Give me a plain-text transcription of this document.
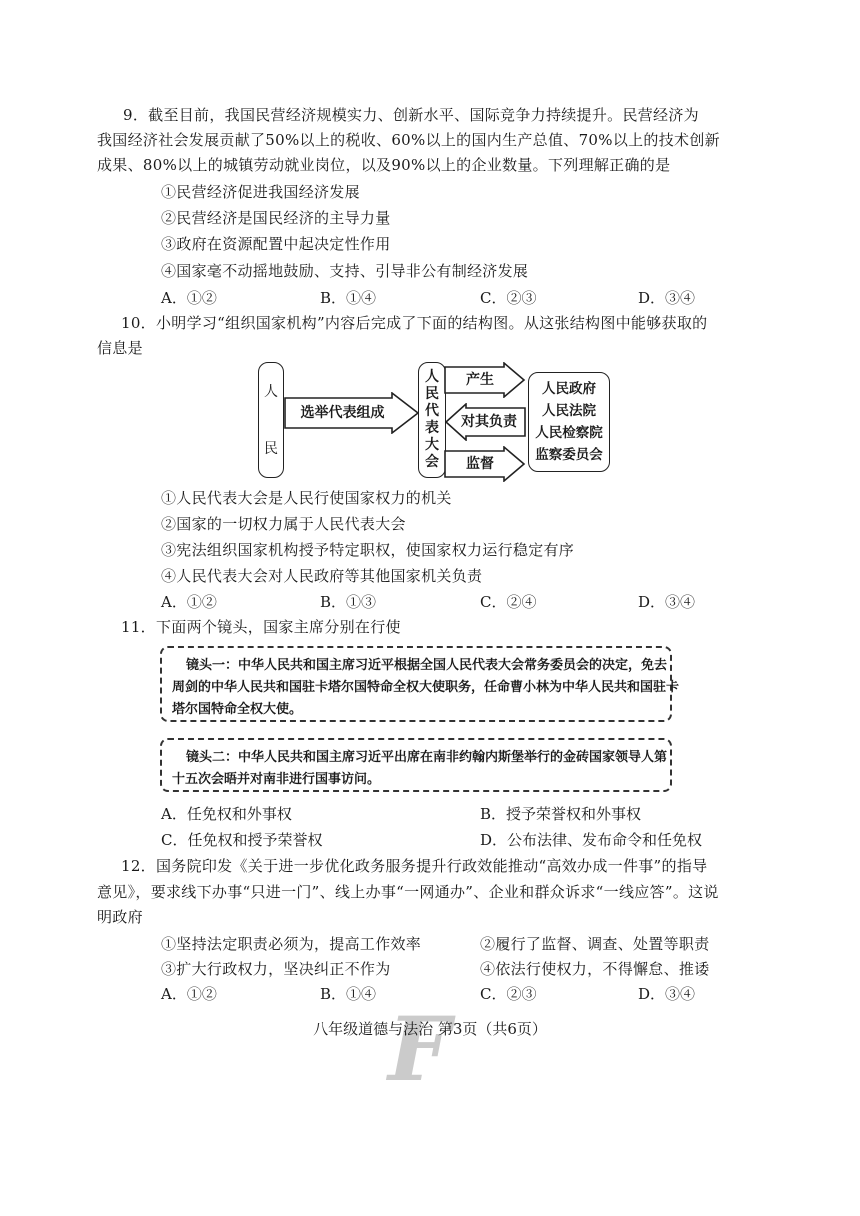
9．截至目前，我国民营经济规模实力、创新水平、国际竞争力持续提升。民营经济为
我国经济社会发展贡献了50%以上的税收、60%以上的国内生产总值、70%以上的技术创新
成果、80%以上的城镇劳动就业岗位，以及90%以上的企业数量。下列理解正确的是
①民营经济促进我国经济发展
②民营经济是国民经济的主导力量
③政府在资源配置中起决定性作用
④国家毫不动摇地鼓励、支持、引导非公有制经济发展
A．①②	B．①④	C．②③	D．③④
10．小明学习“组织国家机构”内容后完成了下面的结构图。从这张结构图中能够获取的
信息是
人
民
选举代表组成
人民代表大会
产生
对其负责
监督
人民政府
人民法院
人民检察院
监察委员会
①人民代表大会是人民行使国家权力的机关
②国家的一切权力属于人民代表大会
③宪法组织国家机构授予特定职权，使国家权力运行稳定有序
④人民代表大会对人民政府等其他国家机关负责
A．①②	B．①③	C．②④	D．③④
11．下面两个镜头，国家主席分别在行使
镜头一：中华人民共和国主席习近平根据全国人民代表大会常务委员会的决定，免去
周剑的中华人民共和国驻卡塔尔国特命全权大使职务，任命曹小林为中华人民共和国驻卡
塔尔国特命全权大使。
镜头二：中华人民共和国主席习近平出席在南非约翰内斯堡举行的金砖国家领导人第
十五次会晤并对南非进行国事访问。
A．任免权和外事权	B．授予荣誉权和外事权
C．任免权和授予荣誉权	D．公布法律、发布命令和任免权
12．国务院印发《关于进一步优化政务服务提升行政效能推动“高效办成一件事”的指导
意见》，要求线下办事“只进一门”、线上办事“一网通办”、企业和群众诉求“一线应答”。这说
明政府
①坚持法定职责必须为，提高工作效率	②履行了监督、调查、处置等职责
③扩大行政权力，坚决纠正不作为	④依法行使权力，不得懈怠、推诿
A．①②	B．①④	C．②③	D．③④
F
八年级道德与法治 第3页（共6页）
